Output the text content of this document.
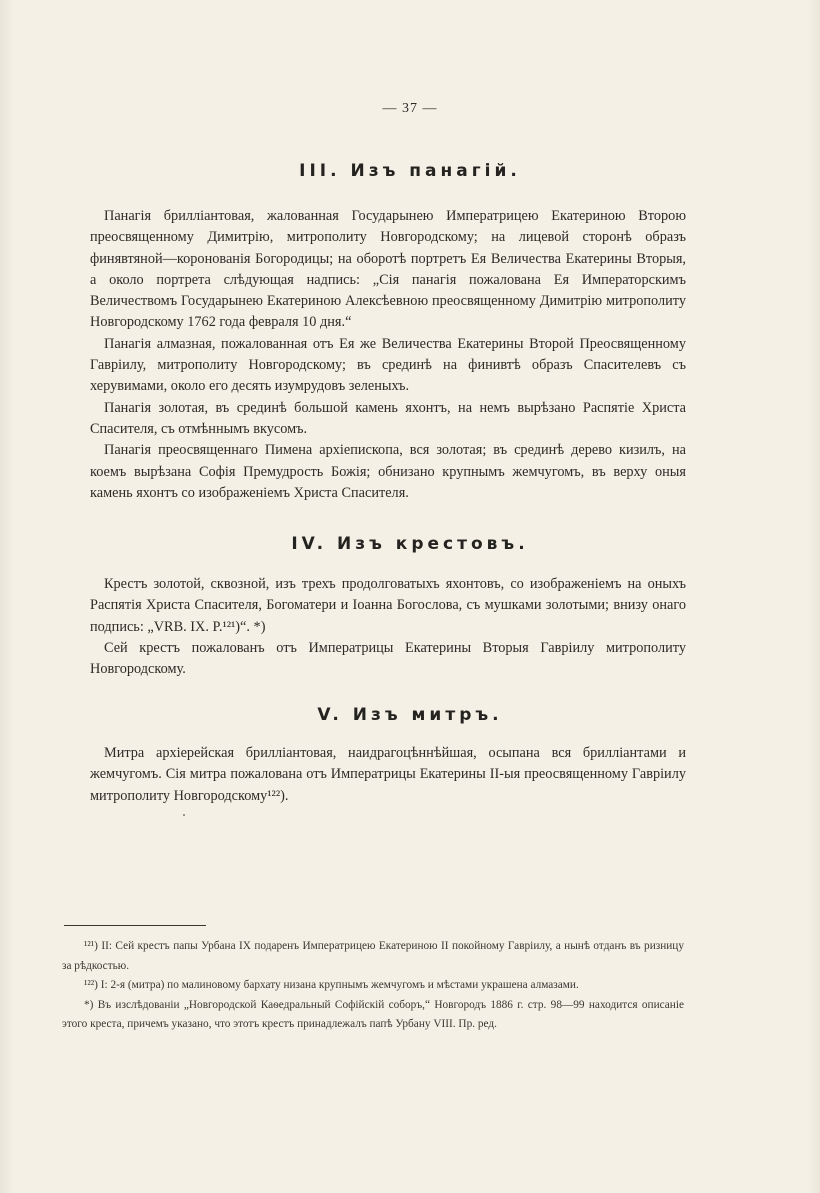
— 37 —
III. Изъ панагій.

Панагія бриллiантовая, жалованная Государынею Императрицею Екатериною Второю преосвященному Димитрію, митрополиту Новгородскому; на лицевой сторонѣ образъ финявтяной—коронованія Богородицы; на оборотѣ портретъ Ея Величества Екатерины Вторыя, а около портрета слѣдующая надпись: „Сія панагія пожалована Ея Императорскимъ Величествомъ Государынею Екатериною Алексѣевною преосвященному Димитрію митрополиту Новгородскому 1762 года февраля 10 дня.“

Панагія алмазная, пожалованная отъ Ея же Величества Екатерины Второй Преосвященному Гавріилу, митрополиту Новгородскому; въ срединѣ на финивтѣ образъ Спасителевъ съ херувимами, около его десять изумрудовъ зеленыхъ.

Панагія золотая, въ срединѣ большой камень яхонтъ, на немъ вырѣзано Распятіе Христа Спасителя, съ отмѣннымъ вкусомъ.

Панагія преосвященнаго Пимена архіепископа, вся золотая; въ срединѣ дерево кизилъ, на коемъ вырѣзана Софія Премудрость Божія; обнизано крупнымъ жемчугомъ, въ верху оныя камень яхонтъ со изображеніемъ Христа Спасителя.

IV. Изъ крестовъ.

Крестъ золотой, сквозной, изъ трехъ продолговатыхъ яхонтовъ, со изображеніемъ на оныхъ Распятія Христа Спасителя, Богоматери и Іоанна Богослова, съ мушками золотыми; внизу онаго подпись: „VRB. IX. P.¹²¹)“. *)

Сей крестъ пожалованъ отъ Императрицы Екатерины Вторыя Гавріилу митрополиту Новгородскому.

V. Изъ митръ.

Митра архіерейская бриллiантовая, наидрагоцѣннѣйшая, осыпана вся бриллiантами и жемчугомъ. Сія митра пожалована отъ Императрицы Екатерины II-ыя преосвященному Гавріилу митрополиту Новгородскому¹²²).

¹²¹) II: Сей крестъ папы Урбана IX подаренъ Императрицею Екатериною II покойному Гавріилу, а нынѣ отданъ въ ризницу за рѣдкостью.

¹²²) I: 2-я (митра) по малиновому бархату низана крупнымъ жемчугомъ и мѣстами украшена алмазами.

*) Въ изслѣдованіи „Новгородской Каѳедральный Софійскій соборъ,“ Новгородъ 1886 г. стр. 98—99 находится описаніе этого креста, причемъ указано, что этотъ крестъ принадлежалъ папѣ Урбану VIII. Пр. ред.
